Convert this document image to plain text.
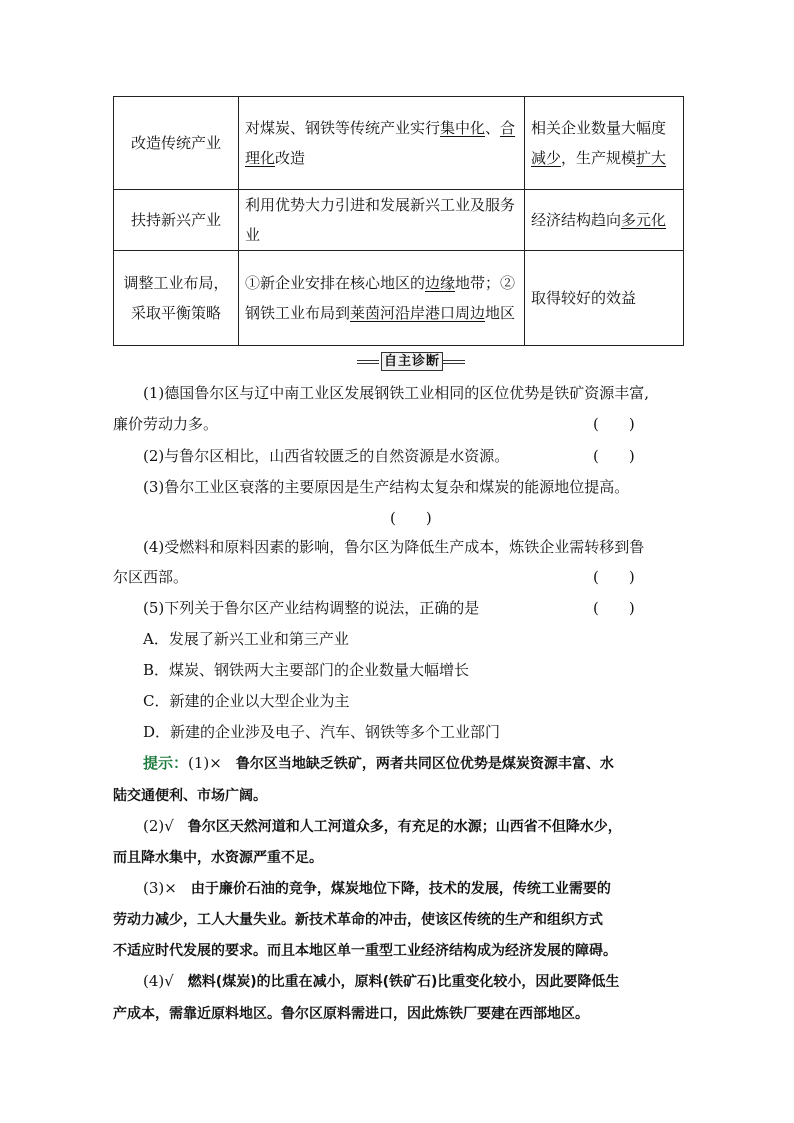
改造传统产业	对煤炭、钢铁等传统产业实行集中化、合理化改造	相关企业数量大幅度减少，生产规模扩大
扶持新兴产业	利用优势大力引进和发展新兴工业及服务业	经济结构趋向多元化
调整工业布局，采取平衡策略	①新企业安排在核心地区的边缘地带；②钢铁工业布局到莱茵河沿岸港口周边地区	取得较好的效益
自主诊断
(1)德国鲁尔区与辽中南工业区发展钢铁工业相同的区位优势是铁矿资源丰富,
廉价劳动力多。	(　　)
(2)与鲁尔区相比，山西省较匮乏的自然资源是水资源。	(　　)
(3)鲁尔工业区衰落的主要原因是生产结构太复杂和煤炭的能源地位提高。
(　　)
(4)受燃料和原料因素的影响，鲁尔区为降低生产成本，炼铁企业需转移到鲁
尔区西部。	(　　)
(5)下列关于鲁尔区产业结构调整的说法，正确的是	(　　)
A．发展了新兴工业和第三产业
B．煤炭、钢铁两大主要部门的企业数量大幅增长
C．新建的企业以大型企业为主
D．新建的企业涉及电子、汽车、钢铁等多个工业部门
提示：(1)×　鲁尔区当地缺乏铁矿，两者共同区位优势是煤炭资源丰富、水
陆交通便利、市场广阔。
(2)√　鲁尔区天然河道和人工河道众多，有充足的水源；山西省不但降水少，
而且降水集中，水资源严重不足。
(3)×　由于廉价石油的竞争，煤炭地位下降，技术的发展，传统工业需要的
劳动力减少，工人大量失业。新技术革命的冲击，使该区传统的生产和组织方式
不适应时代发展的要求。而且本地区单一重型工业经济结构成为经济发展的障碍。
(4)√　燃料(煤炭)的比重在减小，原料(铁矿石)比重变化较小，因此要降低生
产成本，需靠近原料地区。鲁尔区原料需进口，因此炼铁厂要建在西部地区。
